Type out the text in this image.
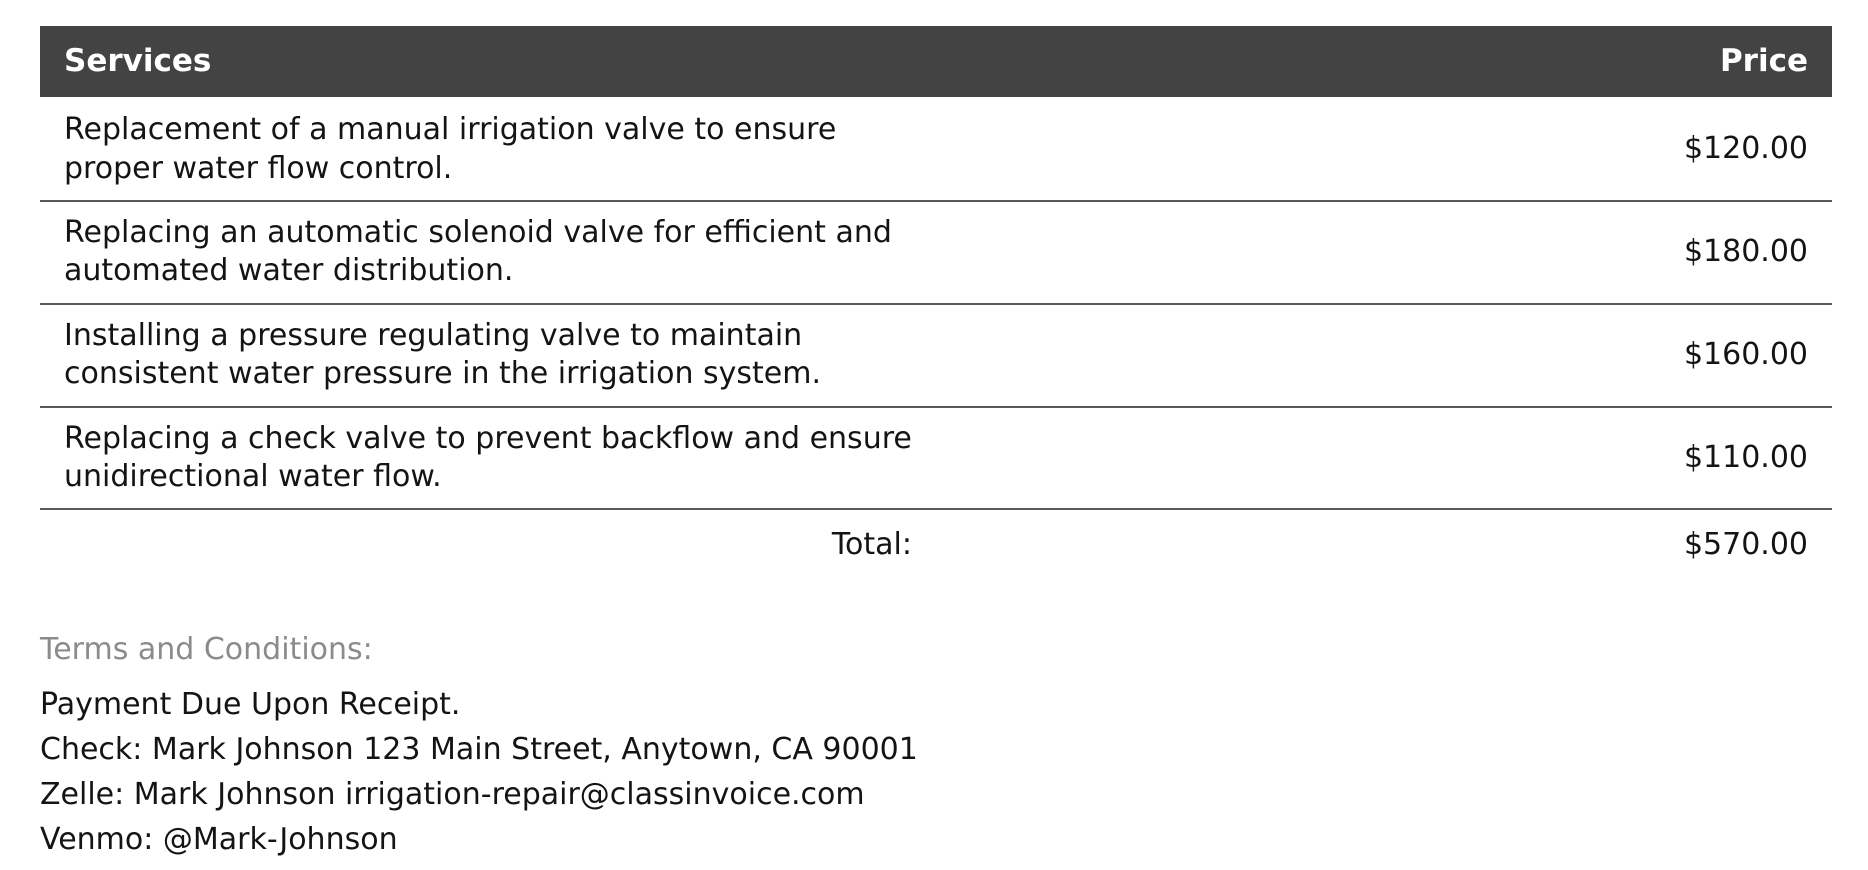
Services	Price
Replacement of a manual irrigation valve to ensure proper water flow control.	$120.00
Replacing an automatic solenoid valve for efficient and automated water distribution.	$180.00
Installing a pressure regulating valve to maintain consistent water pressure in the irrigation system.	$160.00
Replacing a check valve to prevent backflow and ensure unidirectional water flow.	$110.00
Total:	$570.00
Terms and Conditions:
Payment Due Upon Receipt.
Check: Mark Johnson 123 Main Street, Anytown, CA 90001
Zelle: Mark Johnson irrigation-repair@classinvoice.com
Venmo: @Mark-Johnson
